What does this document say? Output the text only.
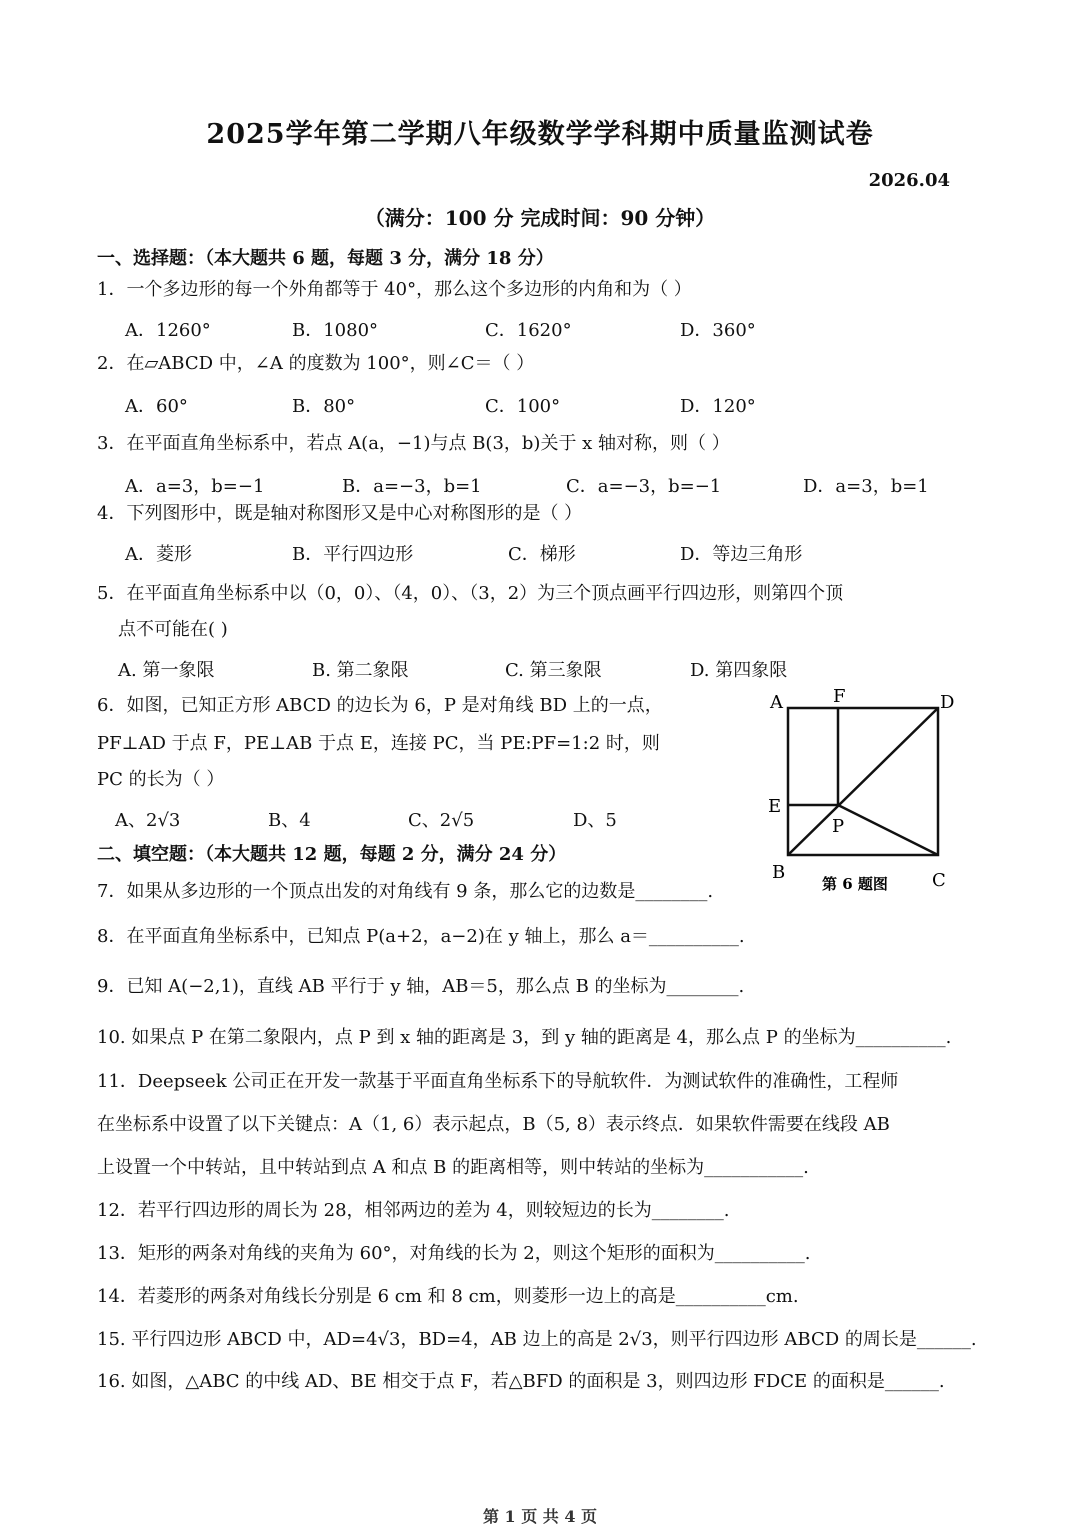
2025学年第二学期八年级数学学科期中质量监测试卷
2026.04
（满分：100 分 完成时间：90 分钟）
一、选择题：（本大题共 6 题，每题 3 分，满分 18 分）
1．一个多边形的每一个外角都等于 40°，那么这个多边形的内角和为（ ）
A．1260°	B．1080°	C．1620°	D．360°
2．在▱ABCD 中，∠A 的度数为 100°，则∠C＝（ ）
A．60°	B．80°	C．100°	D．120°
3．在平面直角坐标系中，若点 A(a，−1)与点 B(3，b)关于 x 轴对称，则（ ）
A．a=3，b=−1	B．a=−3，b=1	C．a=−3，b=−1	D．a=3，b=1
4．下列图形中，既是轴对称图形又是中心对称图形的是（ ）
A．菱形	B．平行四边形	C．梯形	D．等边三角形
5．在平面直角坐标系中以（0，0）、（4，0）、（3，2）为三个顶点画平行四边形，则第四个顶
点不可能在( )
A. 第一象限	B. 第二象限	C. 第三象限	D. 第四象限
6．如图，已知正方形 ABCD 的边长为 6，P 是对角线 BD 上的一点，
PF⊥AD 于点 F，PE⊥AB 于点 E，连接 PC，当 PE:PF=1:2 时，则
PC 的长为（ ）
A、2√3	B、4	C、2√5	D、5
A	F	D
E
P
B	C
第 6 题图
二、填空题：（本大题共 12 题，每题 2 分，满分 24 分）
7．如果从多边形的一个顶点出发的对角线有 9 条，那么它的边数是________.
8．在平面直角坐标系中，已知点 P(a+2，a−2)在 y 轴上，那么 a＝__________.
9．已知 A(−2,1)，直线 AB 平行于 y 轴，AB＝5，那么点 B 的坐标为________.
10. 如果点 P 在第二象限内，点 P 到 x 轴的距离是 3，到 y 轴的距离是 4，那么点 P 的坐标为__________.
11．Deepseek 公司正在开发一款基于平面直角坐标系下的导航软件．为测试软件的准确性，工程师
在坐标系中设置了以下关键点：A（1, 6）表示起点，B（5, 8）表示终点．如果软件需要在线段 AB
上设置一个中转站，且中转站到点 A 和点 B 的距离相等，则中转站的坐标为___________.
12．若平行四边形的周长为 28，相邻两边的差为 4，则较短边的长为________.
13．矩形的两条对角线的夹角为 60°，对角线的长为 2，则这个矩形的面积为__________.
14．若菱形的两条对角线长分别是 6 cm 和 8 cm，则菱形一边上的高是__________cm.
15. 平行四边形 ABCD 中，AD=4√3，BD=4，AB 边上的高是 2√3，则平行四边形 ABCD 的周长是______.
16. 如图，△ABC 的中线 AD、BE 相交于点 F，若△BFD 的面积是 3，则四边形 FDCE 的面积是______.
第 1 页 共 4 页
